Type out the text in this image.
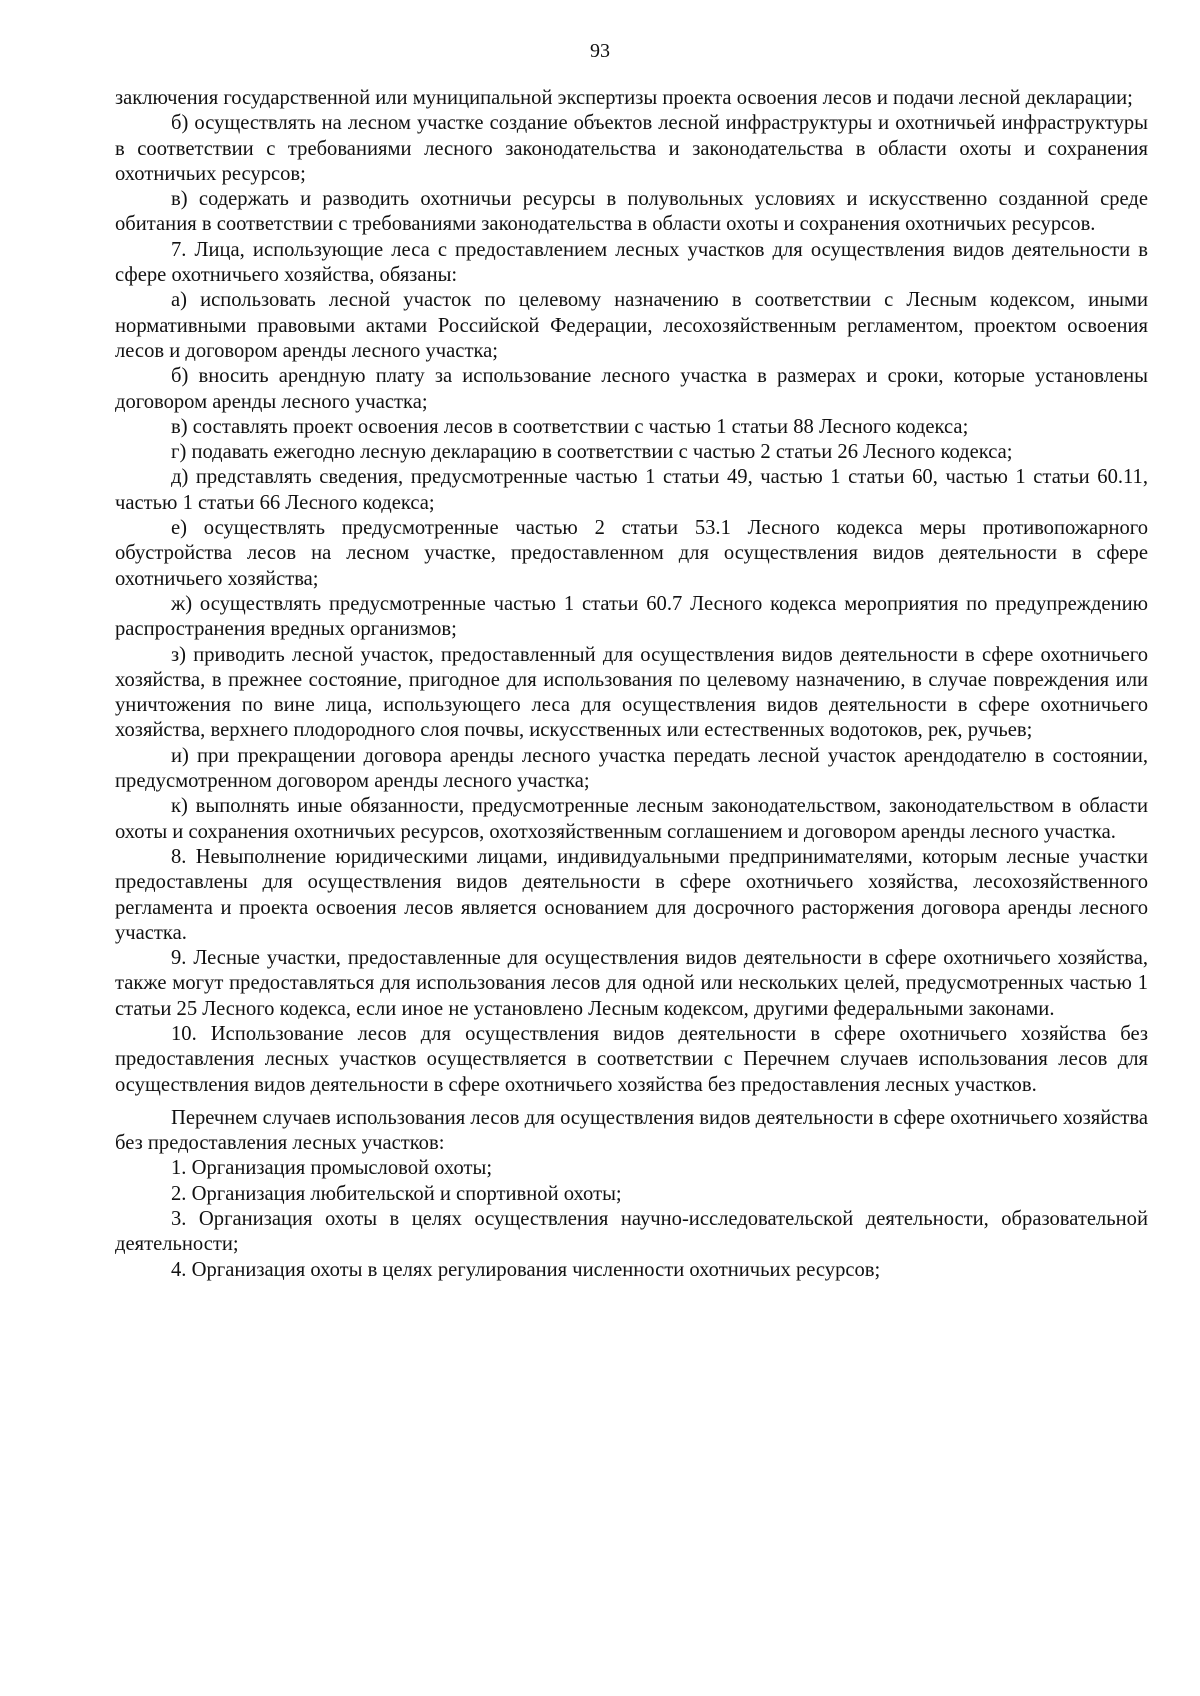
93

заключения государственной или муниципальной экспертизы проекта освоения лесов и подачи лесной декларации;

б) осуществлять на лесном участке создание объектов лесной инфраструктуры и охотничьей инфраструктуры в соответствии с требованиями лесного законодательства и законодательства в области охоты и сохранения охотничьих ресурсов;

в) содержать и разводить охотничьи ресурсы в полувольных условиях и искусственно созданной среде обитания в соответствии с требованиями законодательства в области охоты и сохранения охотничьих ресурсов.

7. Лица, использующие леса с предоставлением лесных участков для осуществления видов деятельности в сфере охотничьего хозяйства, обязаны:

а) использовать лесной участок по целевому назначению в соответствии с Лесным кодексом, иными нормативными правовыми актами Российской Федерации, лесохозяйственным регламентом, проектом освоения лесов и договором аренды лесного участка;

б) вносить арендную плату за использование лесного участка в размерах и сроки, которые установлены договором аренды лесного участка;

в) составлять проект освоения лесов в соответствии с частью 1 статьи 88 Лесного кодекса;

г) подавать ежегодно лесную декларацию в соответствии с частью 2 статьи 26 Лесного кодекса;

д) представлять сведения, предусмотренные частью 1 статьи 49, частью 1 статьи 60, частью 1 статьи 60.11, частью 1 статьи 66 Лесного кодекса;

е) осуществлять предусмотренные частью 2 статьи 53.1 Лесного кодекса меры противопожарного обустройства лесов на лесном участке, предоставленном для осуществления видов деятельности в сфере охотничьего хозяйства;

ж) осуществлять предусмотренные частью 1 статьи 60.7 Лесного кодекса мероприятия по предупреждению распространения вредных организмов;

з) приводить лесной участок, предоставленный для осуществления видов деятельности в сфере охотничьего хозяйства, в прежнее состояние, пригодное для использования по целевому назначению, в случае повреждения или уничтожения по вине лица, использующего леса для осуществления видов деятельности в сфере охотничьего хозяйства, верхнего плодородного слоя почвы, искусственных или естественных водотоков, рек, ручьев;

и) при прекращении договора аренды лесного участка передать лесной участок арендодателю в состоянии, предусмотренном договором аренды лесного участка;

к) выполнять иные обязанности, предусмотренные лесным законодательством, законодательством в области охоты и сохранения охотничьих ресурсов, охотхозяйственным соглашением и договором аренды лесного участка.

8. Невыполнение юридическими лицами, индивидуальными предпринимателями, которым лесные участки предоставлены для осуществления видов деятельности в сфере охотничьего хозяйства, лесохозяйственного регламента и проекта освоения лесов является основанием для досрочного расторжения договора аренды лесного участка.

9. Лесные участки, предоставленные для осуществления видов деятельности в сфере охотничьего хозяйства, также могут предоставляться для использования лесов для одной или нескольких целей, предусмотренных частью 1 статьи 25 Лесного кодекса, если иное не установлено Лесным кодексом, другими федеральными законами.

10. Использование лесов для осуществления видов деятельности в сфере охотничьего хозяйства без предоставления лесных участков осуществляется в соответствии с Перечнем случаев использования лесов для осуществления видов деятельности в сфере охотничьего хозяйства без предоставления лесных участков.

Перечнем случаев использования лесов для осуществления видов деятельности в сфере охотничьего хозяйства без предоставления лесных участков:

1. Организация промысловой охоты;

2. Организация любительской и спортивной охоты;

3. Организация охоты в целях осуществления научно-исследовательской деятельности, образовательной деятельности;

4. Организация охоты в целях регулирования численности охотничьих ресурсов;
